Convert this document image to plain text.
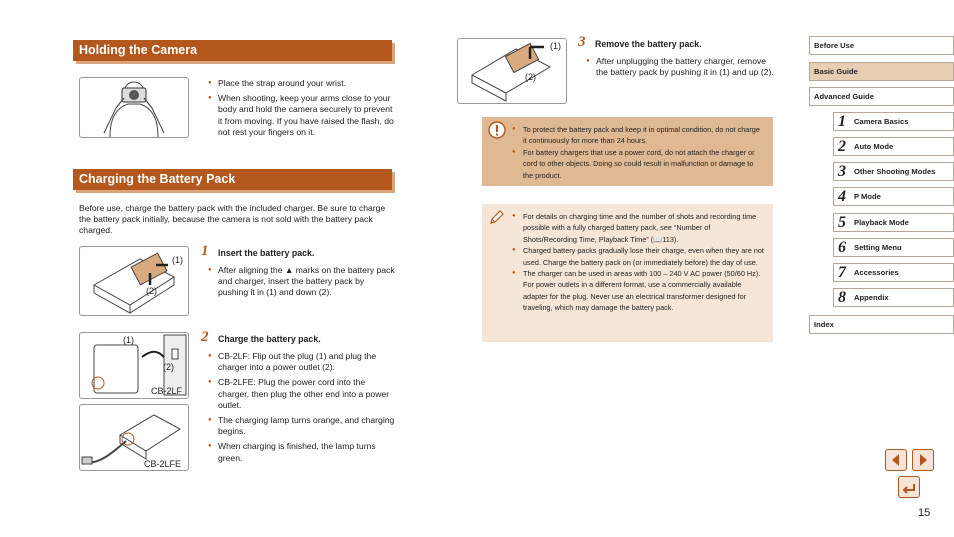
Holding the Camera
● Place the strap around your wrist.
● When shooting, keep your arms close to your body and hold the camera securely to prevent it from moving. If you have raised the flash, do not rest your fingers on it.
Charging the Battery Pack
Before use, charge the battery pack with the included charger. Be sure to charge the battery pack initially, because the camera is not sold with the battery pack charged.
(1)
(2)
1 Insert the battery pack.
● After aligning the ▲ marks on the battery pack and charger, insert the battery pack by pushing it in (1) and down (2).
(1)
(2)
CB-2LF
CB-2LFE
2 Charge the battery pack.
● CB-2LF: Flip out the plug (1) and plug the charger into a power outlet (2).
● CB-2LFE: Plug the power cord into the charger, then plug the other end into a power outlet.
● The charging lamp turns orange, and charging begins.
● When charging is finished, the lamp turns green.
(1)
(2)
3 Remove the battery pack.
● After unplugging the battery charger, remove the battery pack by pushing it in (1) and up (2).
● To protect the battery pack and keep it in optimal condition, do not charge it continuously for more than 24 hours.
● For battery chargers that use a power cord, do not attach the charger or cord to other objects. Doing so could result in malfunction or damage to the product.
● For details on charging time and the number of shots and recording time possible with a fully charged battery pack, see “Number of Shots/Recording Time, Playback Time” (📖113).
● Charged battery packs gradually lose their charge, even when they are not used. Charge the battery pack on (or immediately before) the day of use.
● The charger can be used in areas with 100 – 240 V AC power (50/60 Hz). For power outlets in a different format, use a commercially available adapter for the plug. Never use an electrical transformer designed for traveling, which may damage the battery pack.
Before Use
Basic Guide
Advanced Guide
1 Camera Basics
2 Auto Mode
3 Other Shooting Modes
4 P Mode
5 Playback Mode
6 Setting Menu
7 Accessories
8 Appendix
Index
15
